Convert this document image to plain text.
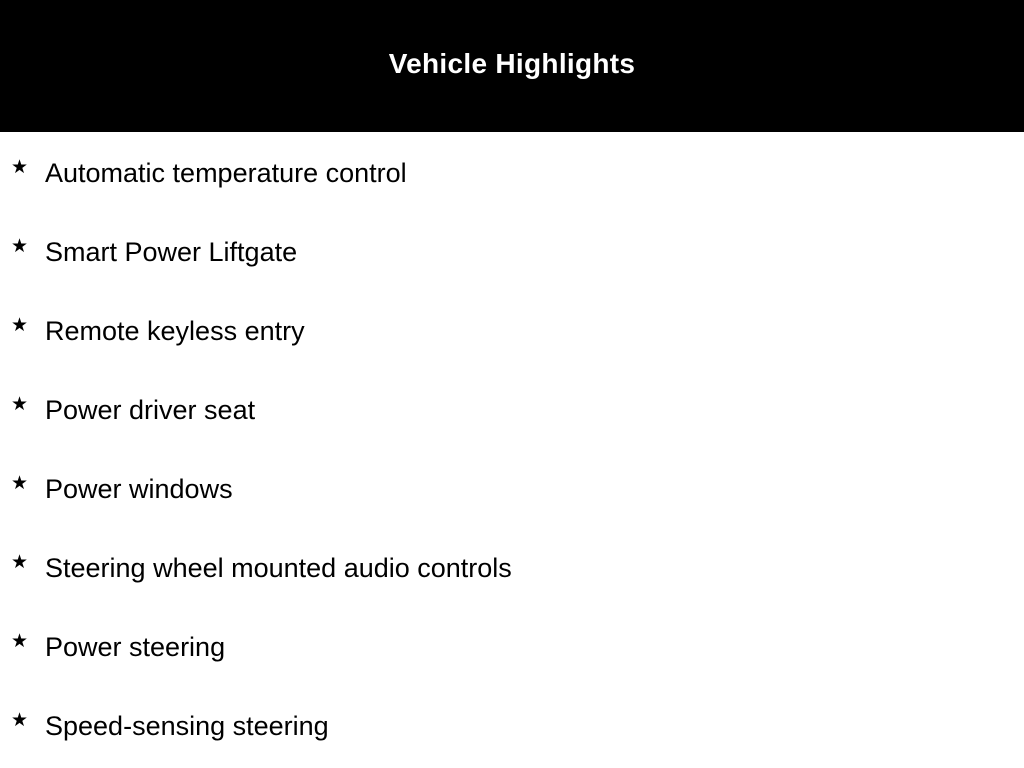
Vehicle Highlights
★ Automatic temperature control
★ Smart Power Liftgate
★ Remote keyless entry
★ Power driver seat
★ Power windows
★ Steering wheel mounted audio controls
★ Power steering
★ Speed-sensing steering
